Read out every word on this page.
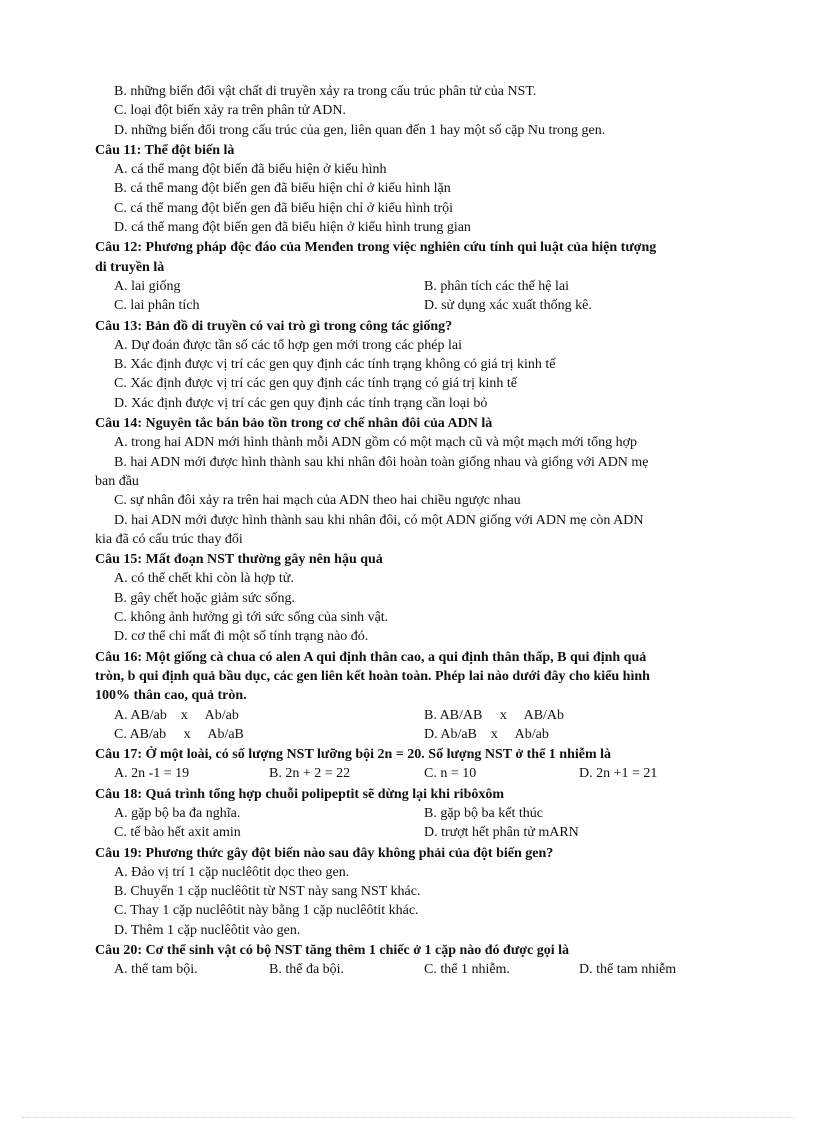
B. những biến đổi vật chất di truyền xảy ra trong cấu trúc phân tử của NST.
C. loại đột biến xảy ra trên phân tử ADN.
D. những biến đổi trong cấu trúc của gen, liên quan đến 1 hay một số cặp Nu trong gen.
Câu 11: Thể đột biến là
A. cá thể mang đột biến đã biểu hiện ở kiểu hình
B. cá thể mang đột biến gen đã biểu hiện chỉ ở kiểu hình lặn
C. cá thể mang đột biến gen đã biểu hiện chỉ ở kiểu hình trội
D. cá thể mang đột biến gen đã biểu hiện ở kiểu hình trung gian
Câu 12: Phương pháp độc đáo của Menđen trong việc nghiên cứu tính qui luật của hiện tượng
di truyền là
A. lai giống	B. phân tích các thế hệ lai
C. lai phân tích	D. sử dụng xác xuất thống kê.
Câu 13: Bản đồ di truyền có vai trò gì trong công tác giống?
A. Dự đoán được tần số các tổ hợp gen mới trong các phép lai
B. Xác định được vị trí các gen quy định các tính trạng không có giá trị kinh tế
C. Xác định được vị trí các gen quy định các tính trạng có giá trị kinh tế
D. Xác định được vị trí các gen quy định các tính trạng cần loại bỏ
Câu 14: Nguyên tắc bán bảo tồn trong cơ chế nhân đôi của ADN là
A. trong hai ADN mới hình thành mỗi ADN gồm có một mạch cũ và một mạch mới tổng hợp
B. hai ADN mới được hình thành sau khi nhân đôi hoàn toàn giống nhau và giống với ADN mẹ
ban đầu
C. sự nhân đôi xảy ra trên hai mạch của ADN theo hai chiều ngược nhau
D. hai ADN mới được hình thành sau khi nhân đôi, có một ADN giống với ADN mẹ còn ADN
kia đã có cấu trúc thay đổi
Câu 15: Mất đoạn NST thường gây nên hậu quả
A. có thể chết khi còn là hợp tử.
B. gây chết hoặc giảm sức sống.
C. không ảnh hưởng gì tới sức sống của sinh vật.
D. cơ thể chỉ mất đi một số tính trạng nào đó.
Câu 16: Một giống cà chua có alen A qui định thân cao, a qui định thân thấp, B qui định quả
tròn, b qui định quả bầu dục, các gen liên kết hoàn toàn. Phép lai nào dưới đây cho kiểu hình
100% thân cao, quả tròn.
A. AB/ab    x     Ab/ab	B. AB/AB     x     AB/Ab
C. AB/ab     x     Ab/aB	D. Ab/aB    x     Ab/ab
Câu 17: Ở một loài, có số lượng NST lưỡng bội 2n = 20. Số lượng NST ở thể 1 nhiễm là
A. 2n -1 = 19	B. 2n + 2 = 22	C. n = 10	D. 2n +1 = 21
Câu 18: Quá trình tổng hợp chuỗi polipeptit sẽ dừng lại khi ribôxôm
A. gặp bộ ba đa nghĩa.	B. gặp bộ ba kết thúc
C. tế bào hết axit amin	D. trượt hết phân tử mARN
Câu 19: Phương thức gây đột biến nào sau đây không phải của đột biến gen?
A. Đảo vị trí 1 cặp nuclêôtit dọc theo gen.
B. Chuyển 1 cặp nuclêôtit từ NST này sang NST khác.
C. Thay 1 cặp nuclêôtit này bằng 1 cặp nuclêôtit khác.
D. Thêm 1 cặp nuclêôtit vào gen.
Câu 20: Cơ thể sinh vật có bộ NST tăng thêm 1 chiếc ở 1 cặp nào đó được gọi là
A. thể tam bội.	B. thể đa bội.	C. thể 1 nhiễm.	D. thể tam nhiễm
